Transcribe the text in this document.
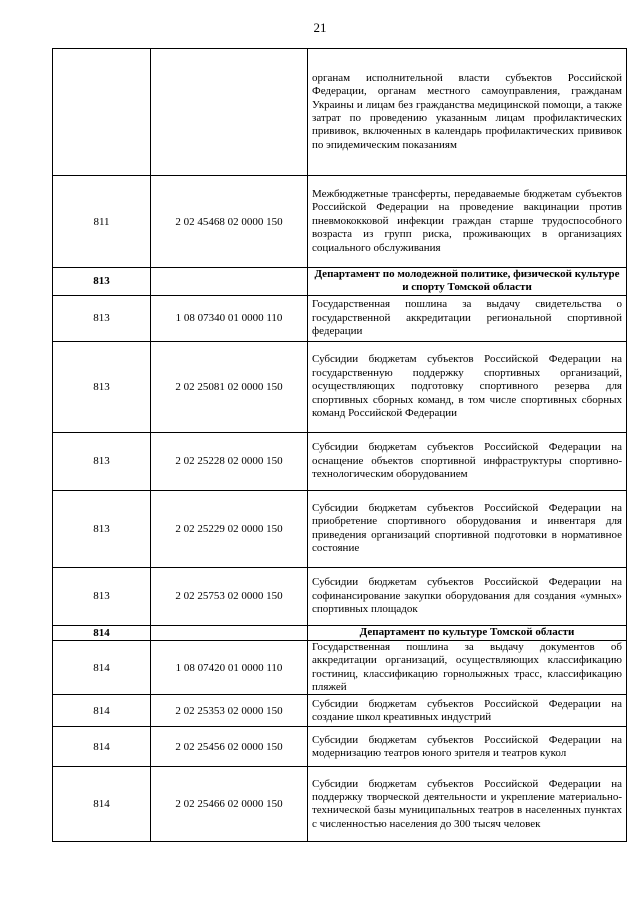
21
		органам исполнительной власти субъектов Российской Федерации, органам местного самоуправления, гражданам Украины и лицам без гражданства медицинской помощи, а также затрат по проведению указанным лицам профилактических прививок, включенных в календарь профилактических прививок по эпидемическим показаниям
811	2 02 45468 02 0000 150	Межбюджетные трансферты, передаваемые бюджетам субъектов Российской Федерации на проведение вакцинации против пневмококковой инфекции граждан старше трудоспособного возраста из групп риска, проживающих в организациях социального обслуживания
813		Департамент по молодежной политике, физической культуре и спорту Томской области
813	1 08 07340 01 0000 110	Государственная пошлина за выдачу свидетельства о государственной аккредитации региональной спортивной федерации
813	2 02 25081 02 0000 150	Субсидии бюджетам субъектов Российской Федерации на государственную поддержку спортивных организаций, осуществляющих подготовку спортивного резерва для спортивных сборных команд, в том числе спортивных сборных команд Российской Федерации
813	2 02 25228 02 0000 150	Субсидии бюджетам субъектов Российской Федерации на оснащение объектов спортивной инфраструктуры спортивно-технологическим оборудованием
813	2 02 25229 02 0000 150	Субсидии бюджетам субъектов Российской Федерации на приобретение спортивного оборудования и инвентаря для приведения организаций спортивной подготовки в нормативное состояние
813	2 02 25753 02 0000 150	Субсидии бюджетам субъектов Российской Федерации на софинансирование закупки оборудования для создания «умных» спортивных площадок
814		Департамент по культуре Томской области
814	1 08 07420 01 0000 110	Государственная пошлина за выдачу документов об аккредитации организаций, осуществляющих классификацию гостиниц, классификацию горнолыжных трасс, классификацию пляжей
814	2 02 25353 02 0000 150	Субсидии бюджетам субъектов Российской Федерации на создание школ креативных индустрий
814	2 02 25456 02 0000 150	Субсидии бюджетам субъектов Российской Федерации на модернизацию театров юного зрителя и театров кукол
814	2 02 25466 02 0000 150	Субсидии бюджетам субъектов Российской Федерации на поддержку творческой деятельности и укрепление материально-технической базы муниципальных театров в населенных пунктах с численностью населения до 300 тысяч человек
